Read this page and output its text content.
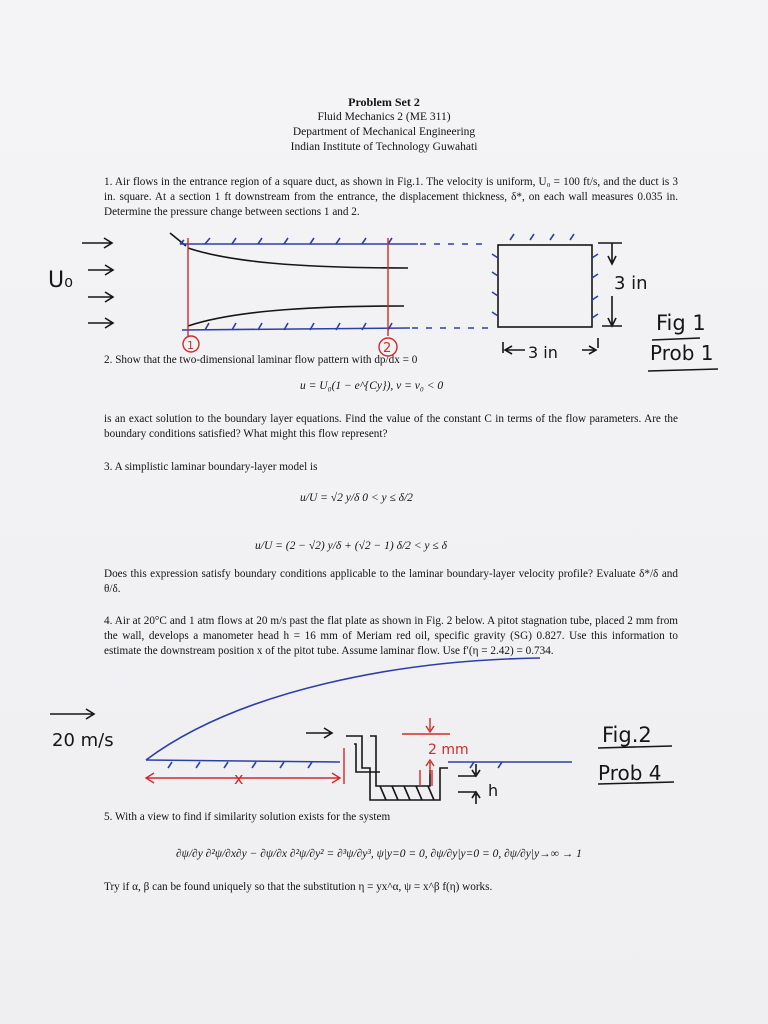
Problem Set 2
Fluid Mechanics 2 (ME 311)
Department of Mechanical Engineering
Indian Institute of Technology Guwahati
1. Air flows in the entrance region of a square duct, as shown in Fig.1. The velocity is uniform, U₀ = 100 ft/s, and the duct is 3 in. square. At a section 1 ft downstream from the entrance, the displacement thickness, δ*, on each wall measures 0.035 in. Determine the pressure change between sections 1 and 2.
2. Show that the two-dimensional laminar flow pattern with dp/dx = 0
u = U₀(1 − e^{Cy}), v = v₀ < 0
is an exact solution to the boundary layer equations. Find the value of the constant C in terms of the flow parameters. Are the boundary conditions satisfied? What might this flow represent?
3. A simplistic laminar boundary-layer model is
u/U = √2 y/δ 0 < y ≤ δ/2
u/U = (2 − √2) y/δ + (√2 − 1) δ/2 < y ≤ δ
Does this expression satisfy boundary conditions applicable to the laminar boundary-layer velocity profile? Evaluate δ*/δ and θ/δ.
4. Air at 20°C and 1 atm flows at 20 m/s past the flat plate as shown in Fig. 2 below. A pitot stagnation tube, placed 2 mm from the wall, develops a manometer head h = 16 mm of Meriam red oil, specific gravity (SG) 0.827. Use this information to estimate the downstream position x of the pitot tube. Assume laminar flow. Use f′(η = 2.42) = 0.734.
5. With a view to find if similarity solution exists for the system
∂ψ/∂y ∂²ψ/∂x∂y − ∂ψ/∂x ∂²ψ/∂y² = ∂³ψ/∂y³, ψ|y=0 = 0, ∂ψ/∂y|y=0 = 0, ∂ψ/∂y|y→∞ → 1
Try if α, β can be found uniquely so that the substitution η = yx^α, ψ = x^β f(η) works.
1	2
U₀	3 in
3 in
Fig 1
Prob 1
20 m/s
x
2 mm
h
Fig.2
Prob 4
